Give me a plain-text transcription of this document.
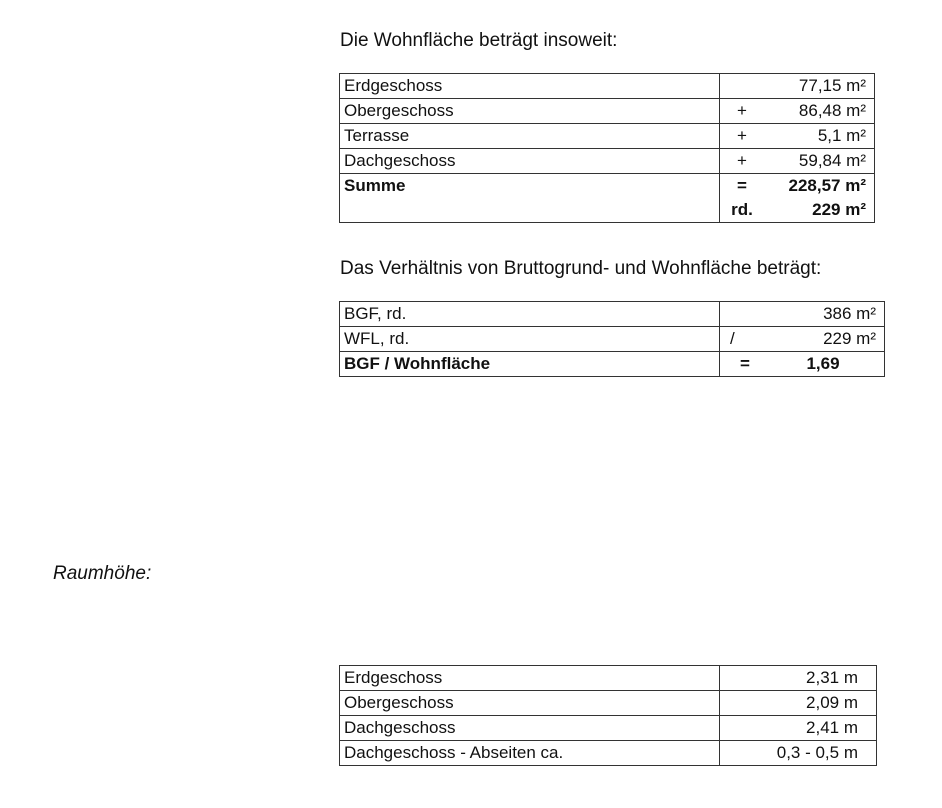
Die Wohnfläche beträgt insoweit:
Erdgeschoss		77,15 m²
Obergeschoss	+	86,48 m²
Terrasse	+	5,1 m²
Dachgeschoss	+	59,84 m²
Summe	=	228,57 m²
	rd.	229 m²
Das Verhältnis von Bruttogrund- und Wohnfläche beträgt:
BGF, rd.		386 m²
WFL, rd.	/	229 m²
BGF / Wohnfläche	=	1,69
Raumhöhe:
Erdgeschoss	2,31 m
Obergeschoss	2,09 m
Dachgeschoss	2,41 m
Dachgeschoss - Abseiten ca.	0,3 - 0,5 m
